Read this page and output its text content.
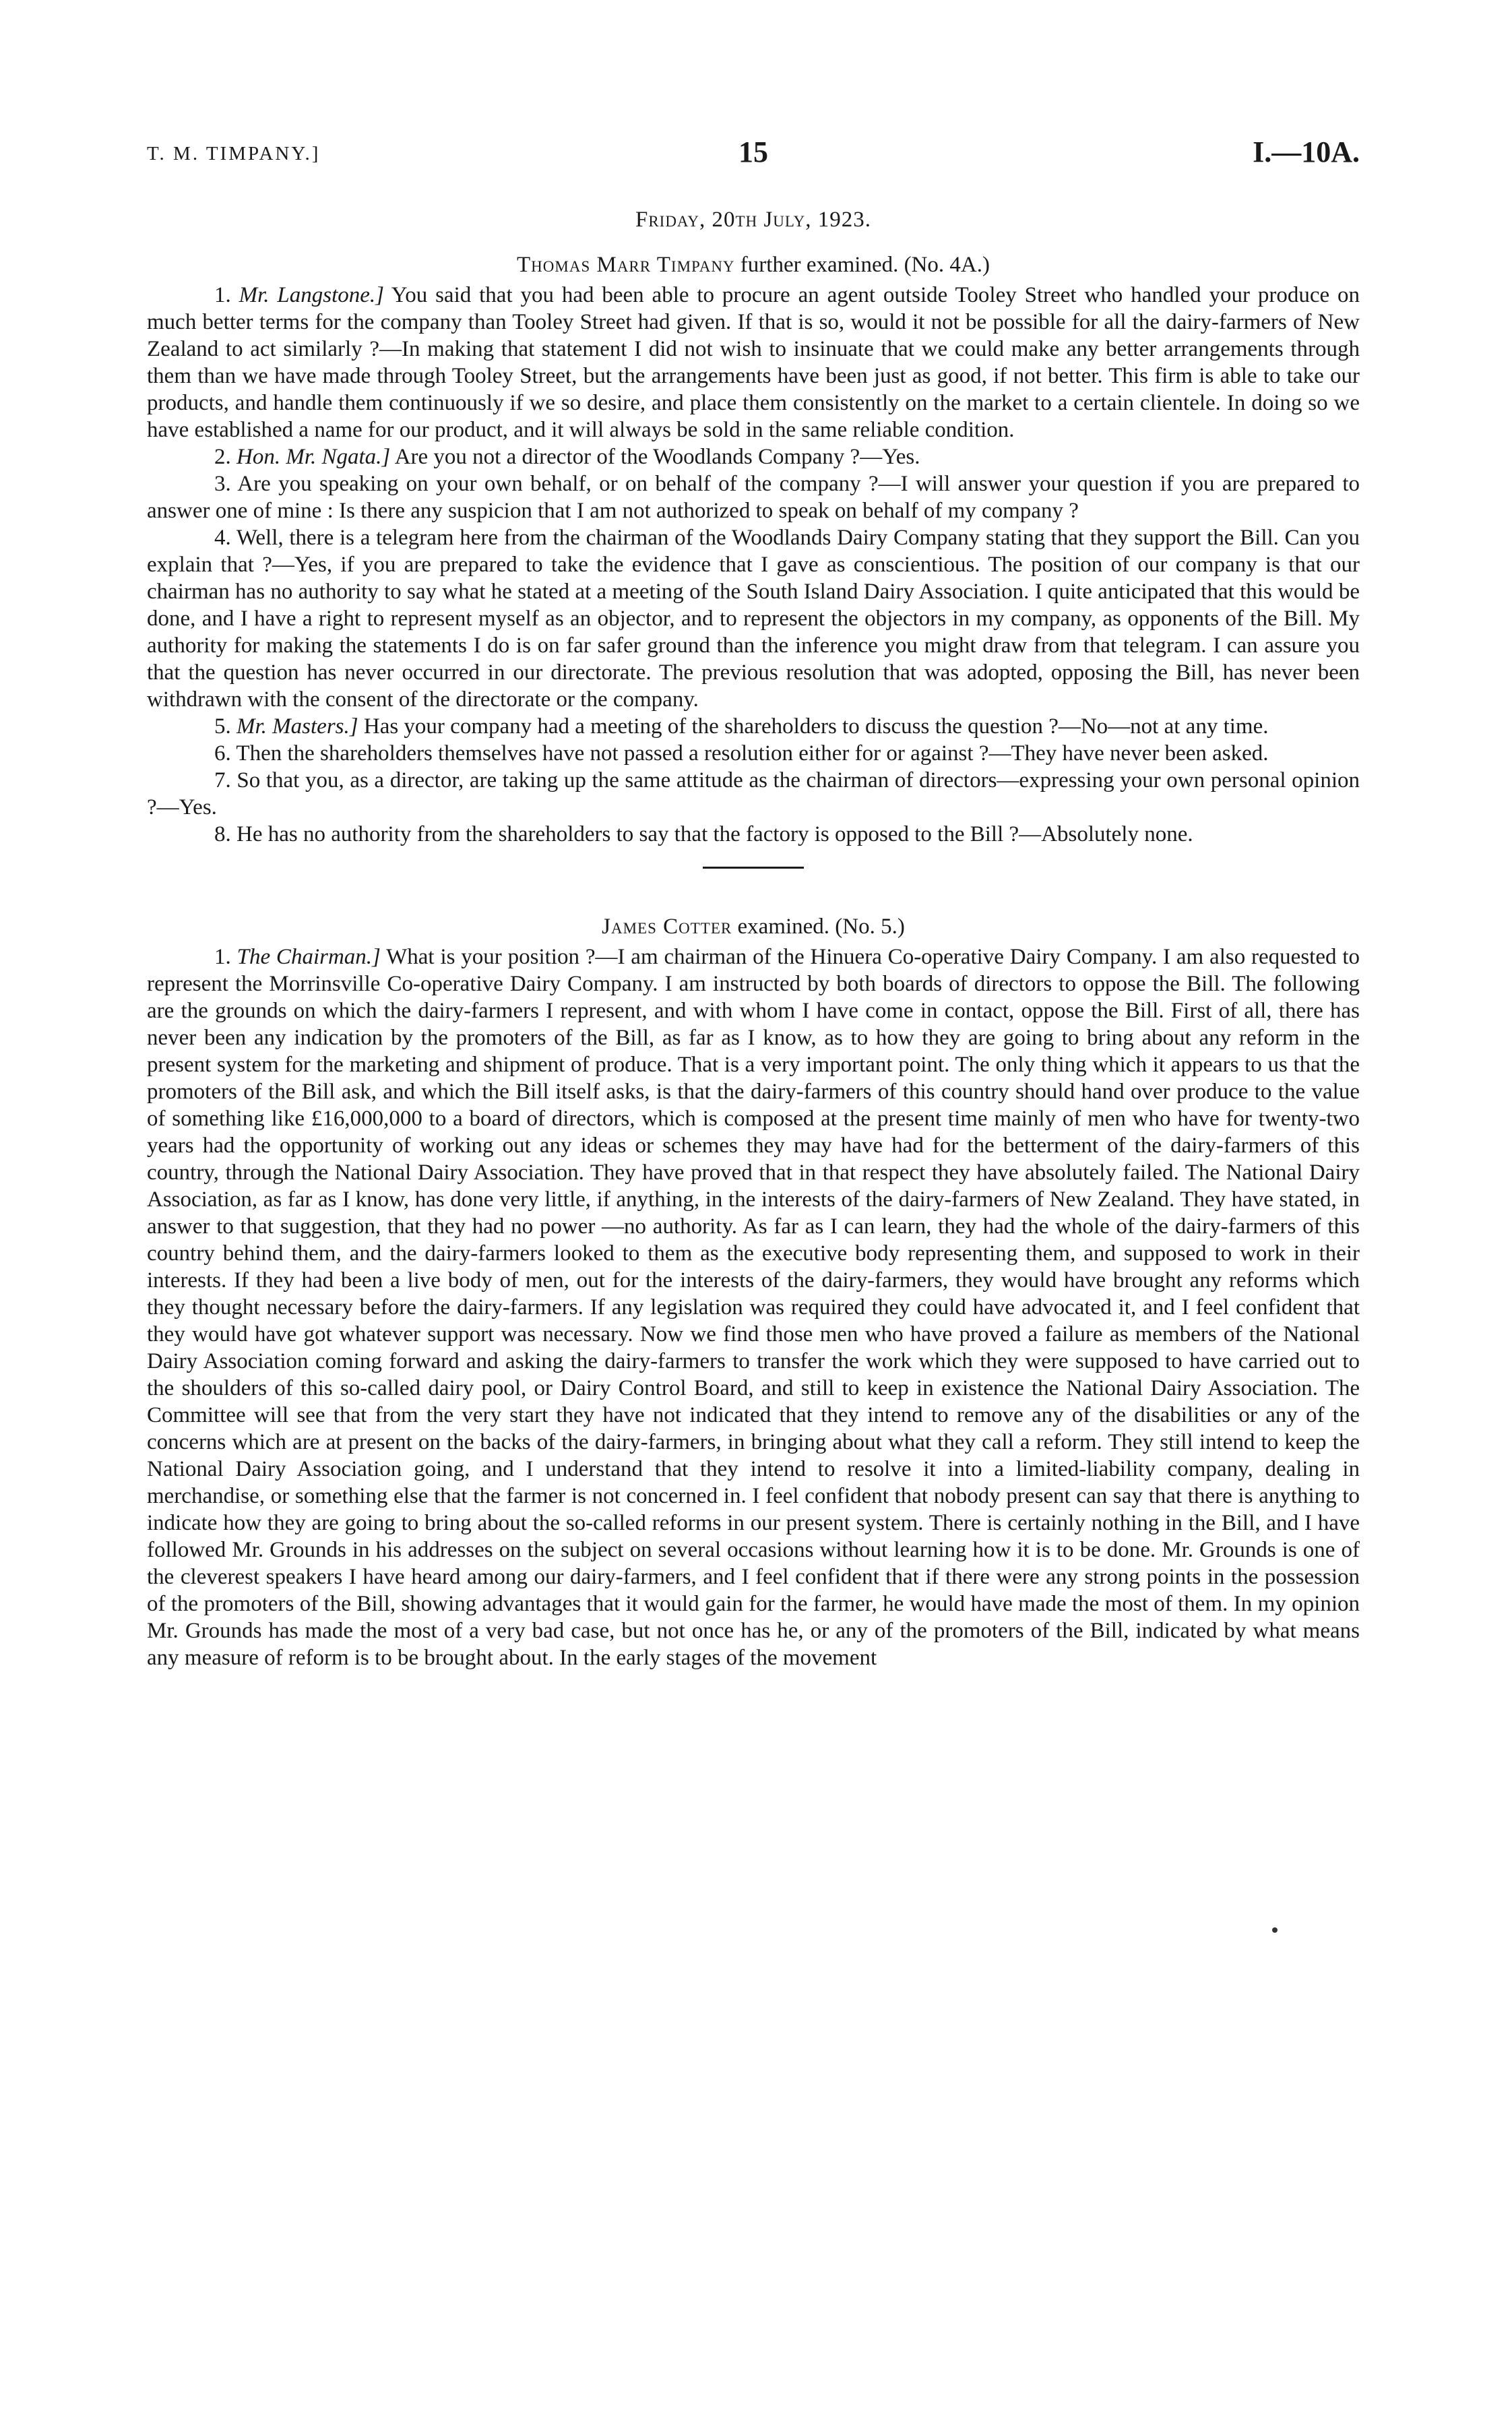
T. M. TIMPANY.]	15	I.—10A.
Friday, 20th July, 1923.
Thomas Marr Timpany further examined. (No. 4A.)

1. Mr. Langstone.] You said that you had been able to procure an agent outside Tooley Street who handled your produce on much better terms for the company than Tooley Street had given. If that is so, would it not be possible for all the dairy-farmers of New Zealand to act similarly ?—In making that statement I did not wish to insinuate that we could make any better arrangements through them than we have made through Tooley Street, but the arrangements have been just as good, if not better. This firm is able to take our products, and handle them continuously if we so desire, and place them consistently on the market to a certain clientele. In doing so we have established a name for our product, and it will always be sold in the same reliable condition.

2. Hon. Mr. Ngata.] Are you not a director of the Woodlands Company ?—Yes.

3. Are you speaking on your own behalf, or on behalf of the company ?—I will answer your question if you are prepared to answer one of mine : Is there any suspicion that I am not authorized to speak on behalf of my company ?

4. Well, there is a telegram here from the chairman of the Woodlands Dairy Company stating that they support the Bill. Can you explain that ?—Yes, if you are prepared to take the evidence that I gave as conscientious. The position of our company is that our chairman has no authority to say what he stated at a meeting of the South Island Dairy Association. I quite anticipated that this would be done, and I have a right to represent myself as an objector, and to represent the objectors in my company, as opponents of the Bill. My authority for making the statements I do is on far safer ground than the inference you might draw from that telegram. I can assure you that the question has never occurred in our directorate. The previous resolution that was adopted, opposing the Bill, has never been withdrawn with the consent of the directorate or the company.

5. Mr. Masters.] Has your company had a meeting of the shareholders to discuss the question ?—No—not at any time.

6. Then the shareholders themselves have not passed a resolution either for or against ?—They have never been asked.

7. So that you, as a director, are taking up the same attitude as the chairman of directors—expressing your own personal opinion ?—Yes.

8. He has no authority from the shareholders to say that the factory is opposed to the Bill ?—Absolutely none.

James Cotter examined. (No. 5.)

1. The Chairman.] What is your position ?—I am chairman of the Hinuera Co-operative Dairy Company. I am also requested to represent the Morrinsville Co-operative Dairy Company. I am instructed by both boards of directors to oppose the Bill. The following are the grounds on which the dairy-farmers I represent, and with whom I have come in contact, oppose the Bill. First of all, there has never been any indication by the promoters of the Bill, as far as I know, as to how they are going to bring about any reform in the present system for the marketing and shipment of produce. That is a very important point. The only thing which it appears to us that the promoters of the Bill ask, and which the Bill itself asks, is that the dairy-farmers of this country should hand over produce to the value of something like £16,000,000 to a board of directors, which is composed at the present time mainly of men who have for twenty-two years had the opportunity of working out any ideas or schemes they may have had for the betterment of the dairy-farmers of this country, through the National Dairy Association. They have proved that in that respect they have absolutely failed. The National Dairy Association, as far as I know, has done very little, if anything, in the interests of the dairy-farmers of New Zealand. They have stated, in answer to that suggestion, that they had no power —no authority. As far as I can learn, they had the whole of the dairy-farmers of this country behind them, and the dairy-farmers looked to them as the executive body representing them, and supposed to work in their interests. If they had been a live body of men, out for the interests of the dairy-farmers, they would have brought any reforms which they thought necessary before the dairy-farmers. If any legislation was required they could have advocated it, and I feel confident that they would have got whatever support was necessary. Now we find those men who have proved a failure as members of the National Dairy Association coming forward and asking the dairy-farmers to transfer the work which they were supposed to have carried out to the shoulders of this so-called dairy pool, or Dairy Control Board, and still to keep in existence the National Dairy Association. The Committee will see that from the very start they have not indicated that they intend to remove any of the disabilities or any of the concerns which are at present on the backs of the dairy-farmers, in bringing about what they call a reform. They still intend to keep the National Dairy Association going, and I understand that they intend to resolve it into a limited-liability company, dealing in merchandise, or something else that the farmer is not concerned in. I feel confident that nobody present can say that there is anything to indicate how they are going to bring about the so-called reforms in our present system. There is certainly nothing in the Bill, and I have followed Mr. Grounds in his addresses on the subject on several occasions without learning how it is to be done. Mr. Grounds is one of the cleverest speakers I have heard among our dairy-farmers, and I feel confident that if there were any strong points in the possession of the promoters of the Bill, showing advantages that it would gain for the farmer, he would have made the most of them. In my opinion Mr. Grounds has made the most of a very bad case, but not once has he, or any of the promoters of the Bill, indicated by what means any measure of reform is to be brought about. In the early stages of the movement
